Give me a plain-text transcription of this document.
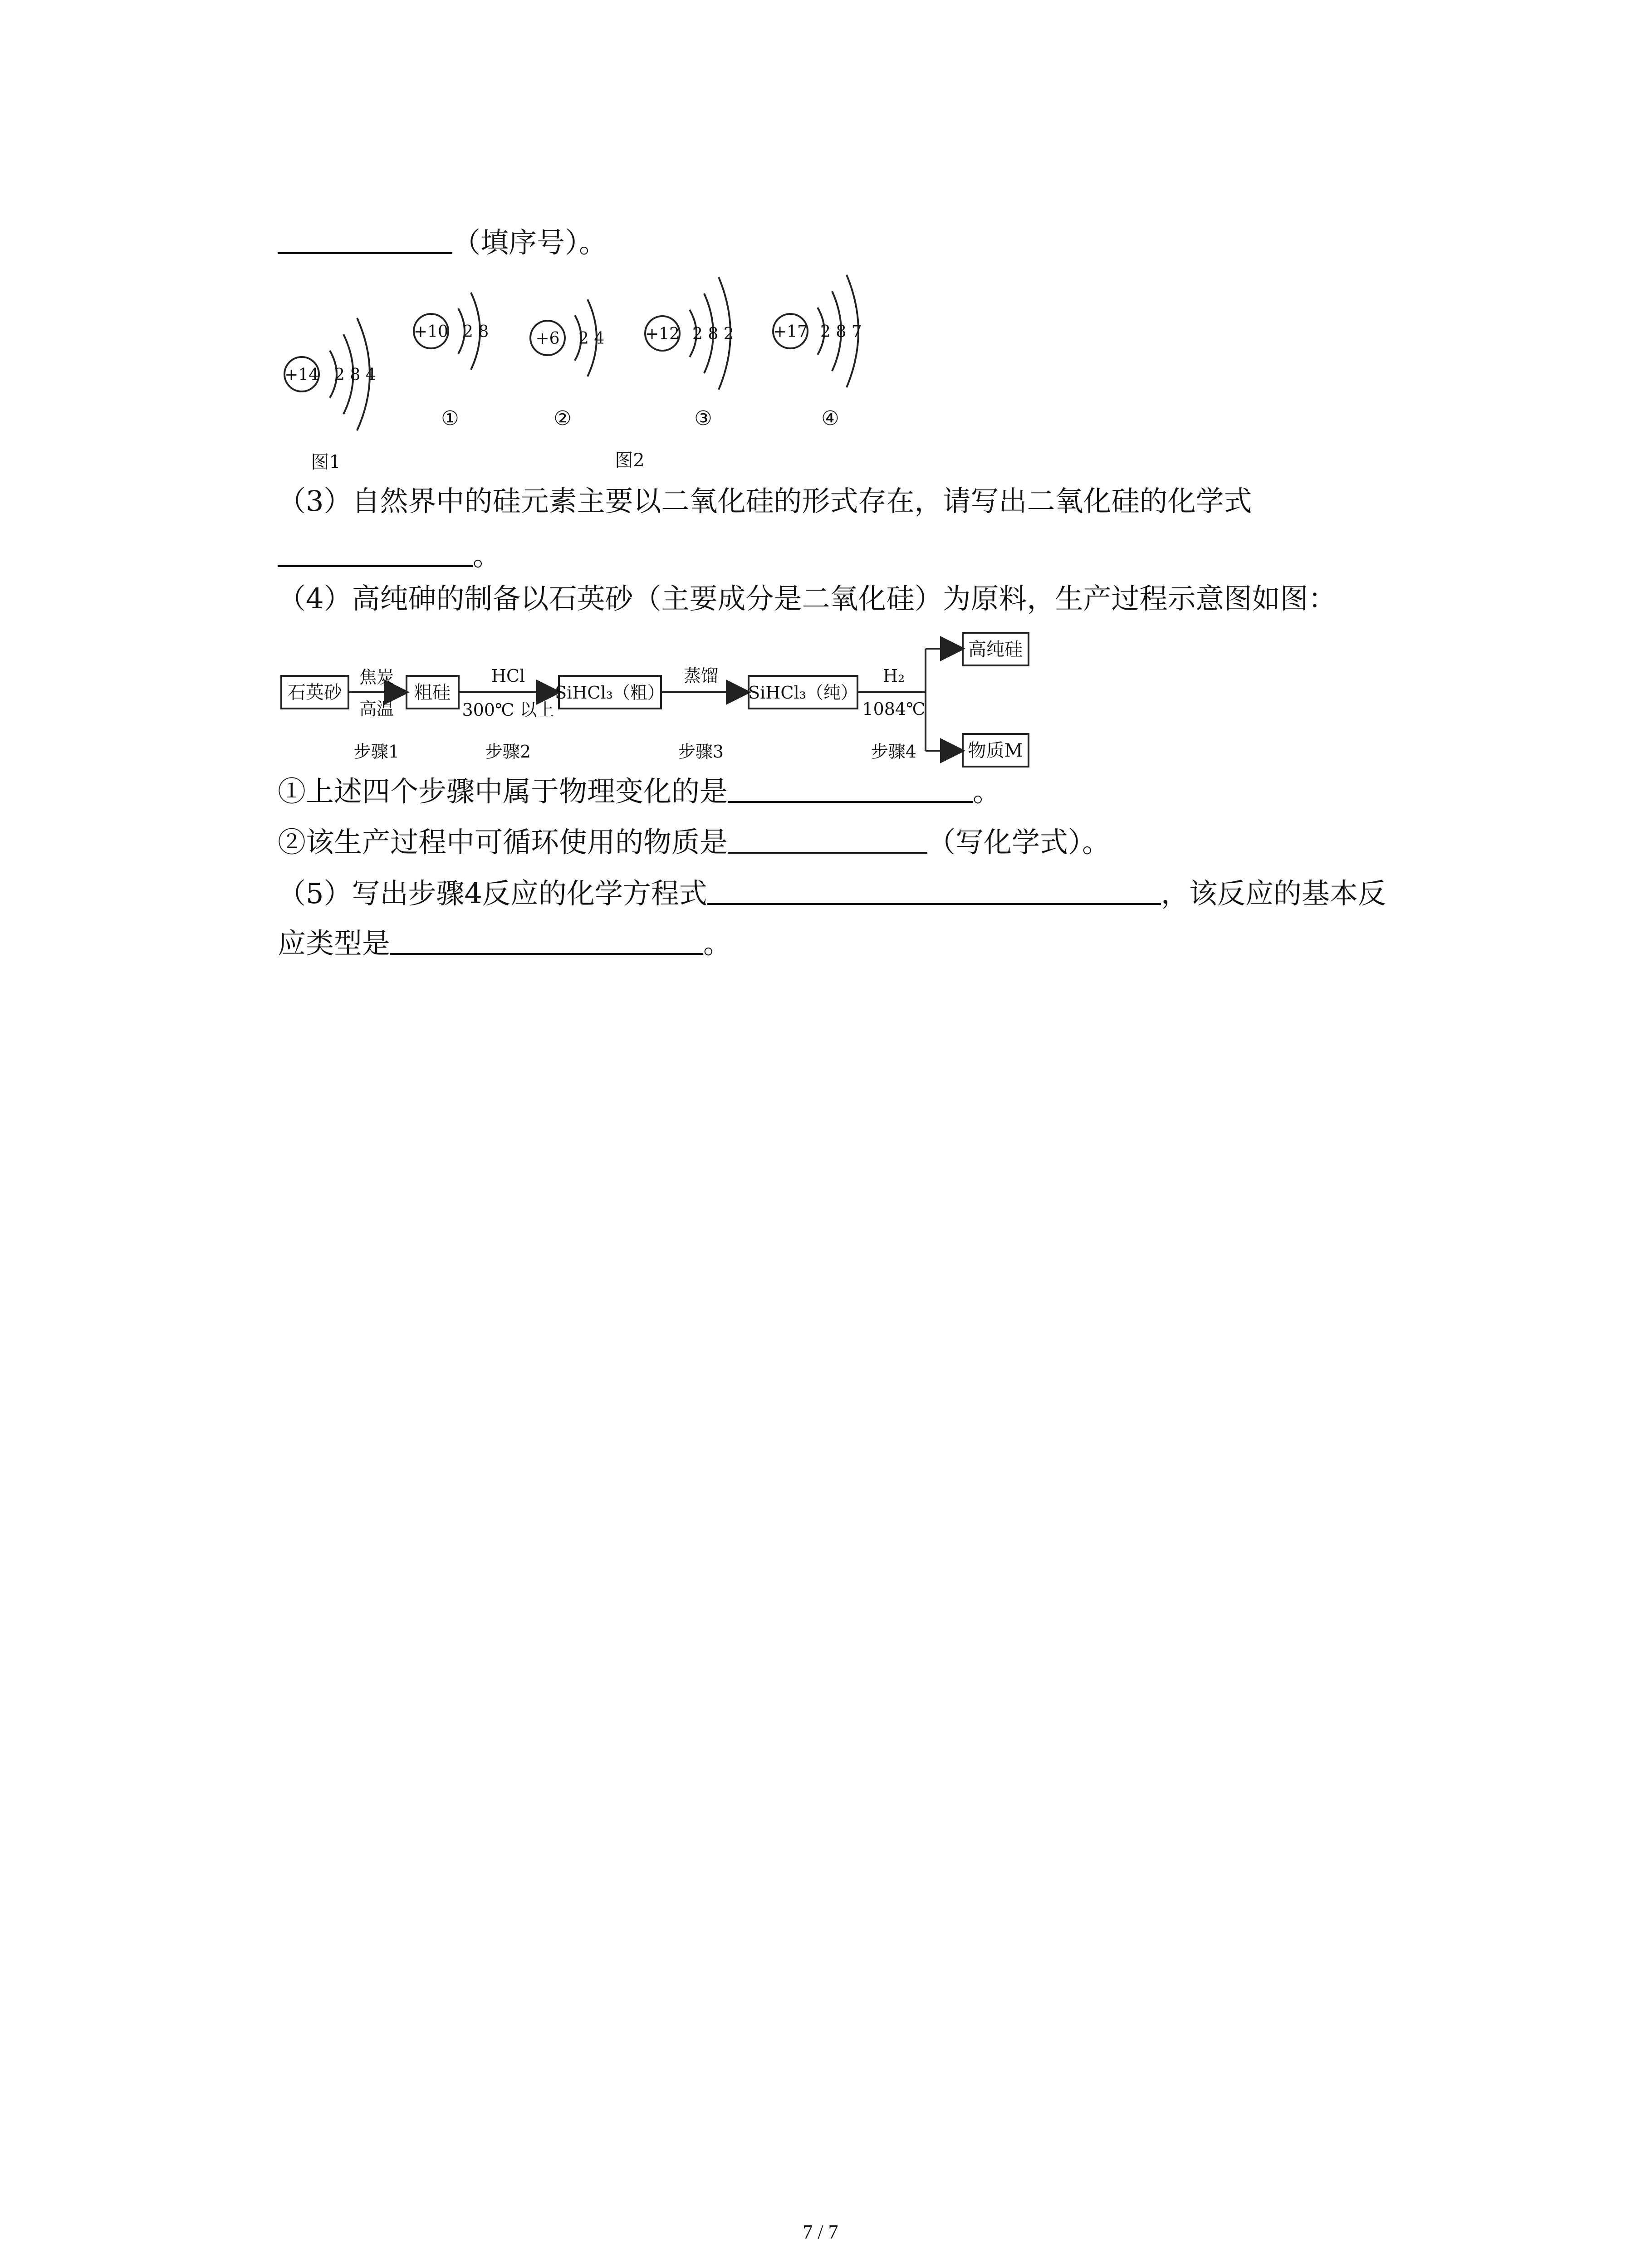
（填序号）。
+14 2 8 4
+10 2 8	+6 2 4 +12 2 8 2 +17 2 8 7
①	②	③	④
图1	图2
（3）自然界中的硅元素主要以二氧化硅的形式存在，请写出二氧化硅的化学式
。
（4）高纯砷的制备以石英砂（主要成分是二氧化硅）为原料，生产过程示意图如图：
石英砂
焦炭
高温
粗硅
HCl
300℃ 以上
SiHCl₃（粗）
蒸馏
SiHCl₃（纯）
H₂
1084℃
高纯硅
物质M
步骤1	步骤2	步骤3	步骤4
①上述四个步骤中属于物理变化的是	。
②该生产过程中可循环使用的物质是	（写化学式）。
（5）写出步骤4反应的化学方程式	，该反应的基本反
应类型是	。
7 / 7
